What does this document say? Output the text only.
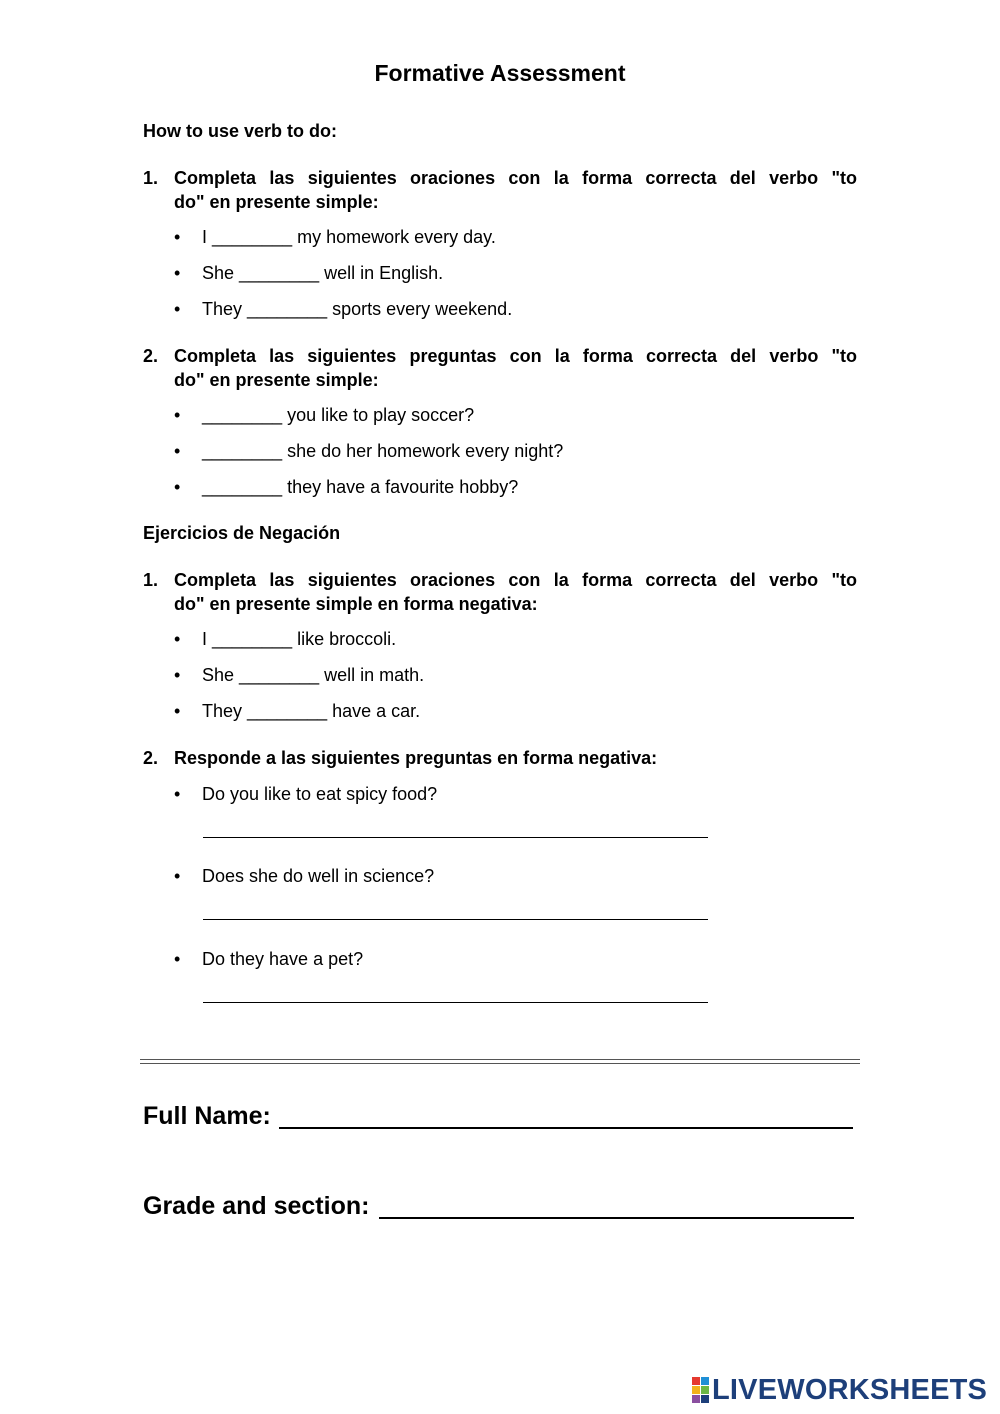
Formative Assessment
How to use verb to do:
1. Completa las siguientes oraciones con la forma correcta del verbo "to
do" en presente simple:
• I ________ my homework every day.
• She ________ well in English.
• They ________ sports every weekend.
2. Completa las siguientes preguntas con la forma correcta del verbo "to
do" en presente simple:
• ________ you like to play soccer?
• ________ she do her homework every night?
• ________ they have a favourite hobby?
Ejercicios de Negación
1. Completa las siguientes oraciones con la forma correcta del verbo "to
do" en presente simple en forma negativa:
• I ________ like broccoli.
• She ________ well in math.
• They ________ have a car.
2. Responde a las siguientes preguntas en forma negativa:
• Do you like to eat spicy food?
• Does she do well in science?
• Do they have a pet?
Full Name:
Grade and section:
LIVEWORKSHEETS
